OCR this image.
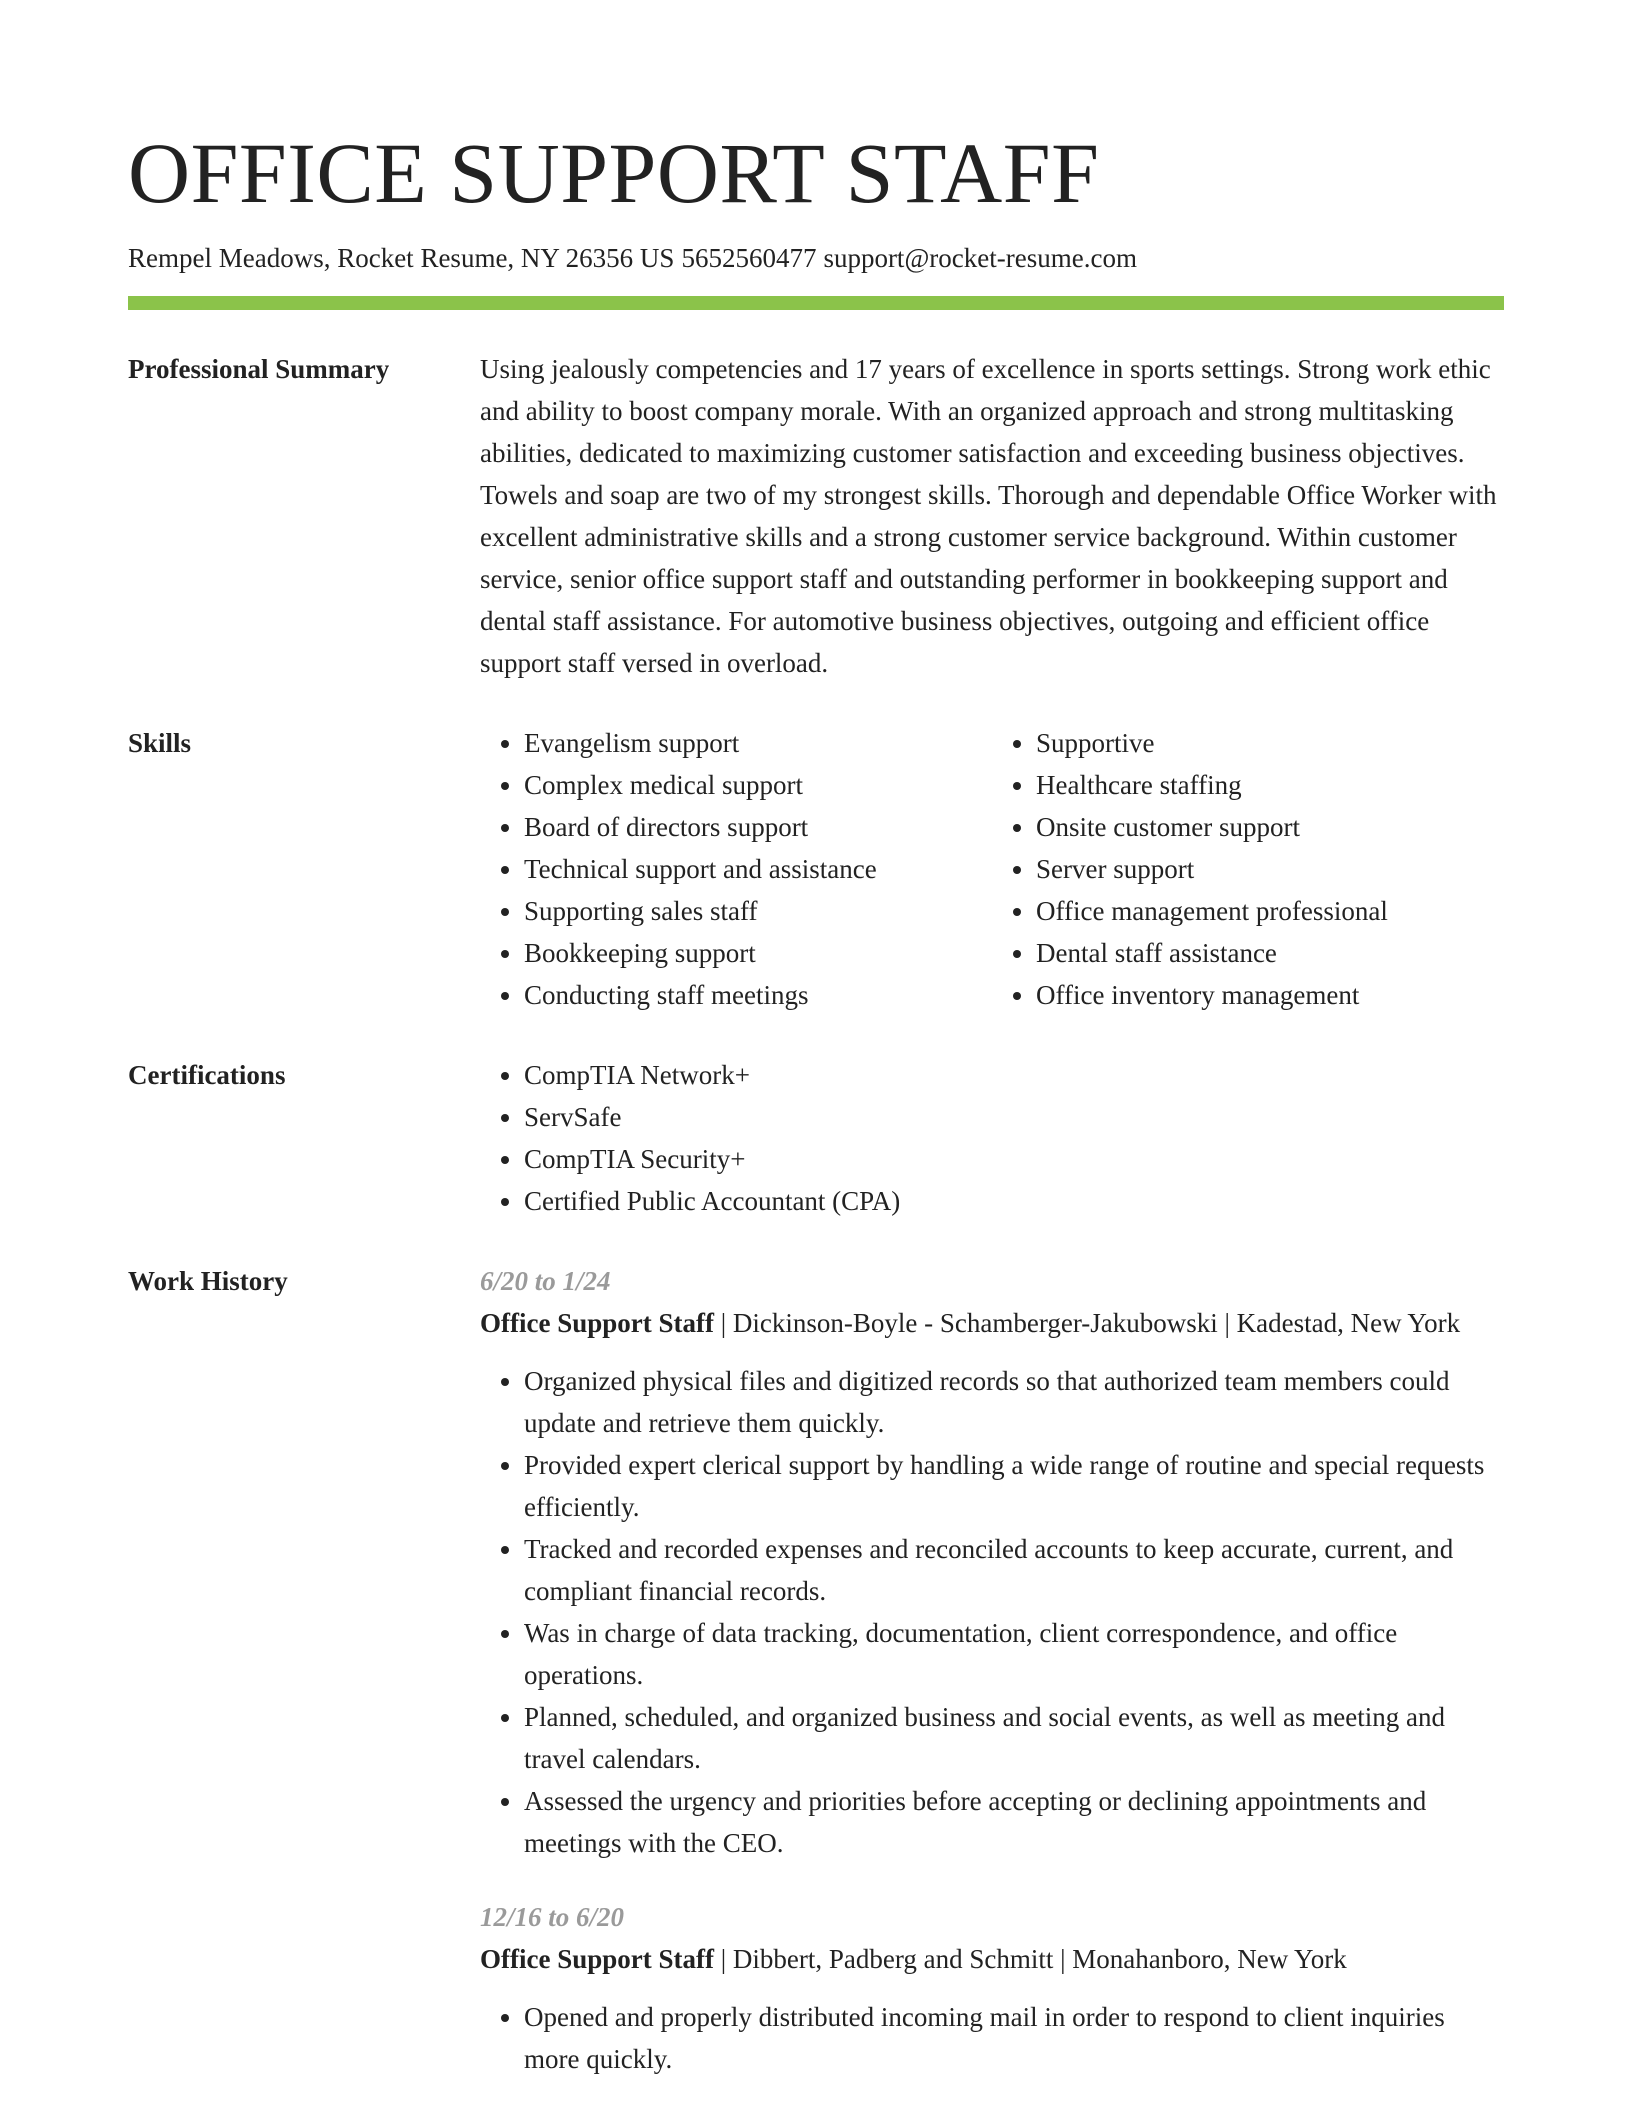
OFFICE SUPPORT STAFF
Rempel Meadows, Rocket Resume, NY 26356 US 5652560477 support@rocket-resume.com
Professional Summary	Using jealously competencies and 17 years of excellence in sports settings. Strong work ethic and ability to boost company morale. With an organized approach and strong multitasking abilities, dedicated to maximizing customer satisfaction and exceeding business objectives. Towels and soap are two of my strongest skills. Thorough and dependable Office Worker with excellent administrative skills and a strong customer service background. Within customer service, senior office support staff and outstanding performer in bookkeeping support and dental staff assistance. For automotive business objectives, outgoing and efficient office support staff versed in overload.

Skills	• Evangelism support
• Complex medical support
• Board of directors support
• Technical support and assistance
• Supporting sales staff
• Bookkeeping support
• Conducting staff meetings
• Supportive
• Healthcare staffing
• Onsite customer support
• Server support
• Office management professional
• Dental staff assistance
• Office inventory management
Certifications	• CompTIA Network+
• ServSafe
• CompTIA Security+
• Certified Public Accountant (CPA)
Work History	6/20 to 1/24
Office Support Staff | Dickinson-Boyle - Schamberger-Jakubowski | Kadestad, New York
• Organized physical files and digitized records so that authorized team members could update and retrieve them quickly.
• Provided expert clerical support by handling a wide range of routine and special requests efficiently.
• Tracked and recorded expenses and reconciled accounts to keep accurate, current, and compliant financial records.
• Was in charge of data tracking, documentation, client correspondence, and office operations.
• Planned, scheduled, and organized business and social events, as well as meeting and travel calendars.
• Assessed the urgency and priorities before accepting or declining appointments and meetings with the CEO.
12/16 to 6/20
Office Support Staff | Dibbert, Padberg and Schmitt | Monahanboro, New York
• Opened and properly distributed incoming mail in order to respond to client inquiries more quickly.
